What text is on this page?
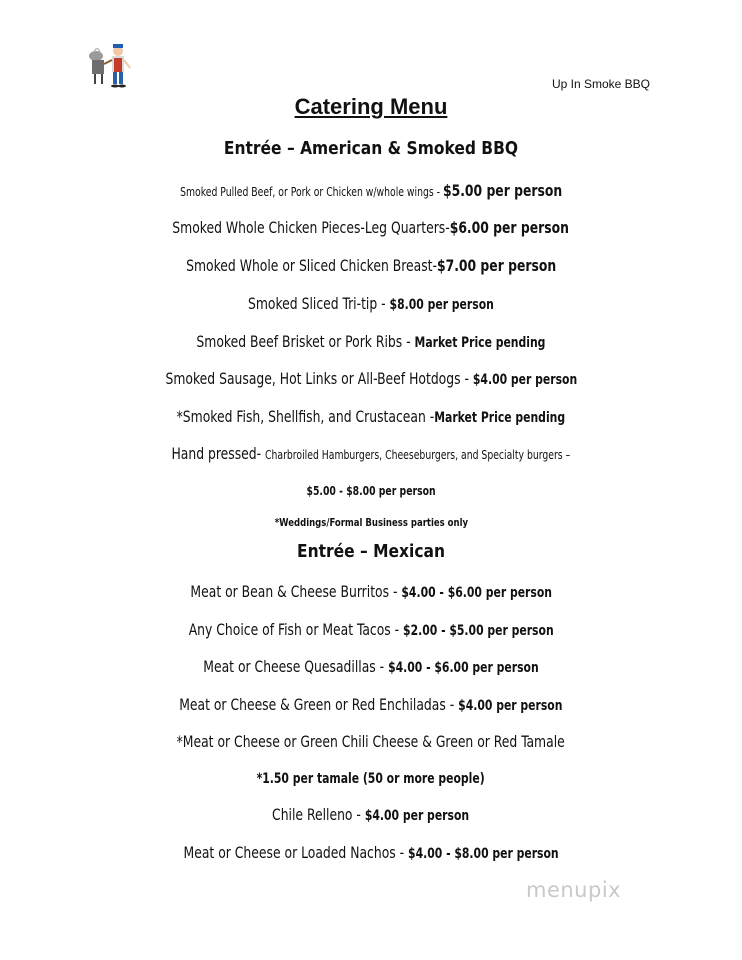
Up In Smoke BBQ
Catering Menu
Entrée – American & Smoked BBQ
Smoked Pulled Beef, or Pork or Chicken w/whole wings - $5.00 per person
Smoked Whole Chicken Pieces-Leg Quarters-$6.00 per person
Smoked Whole or Sliced Chicken Breast-$7.00 per person
Smoked Sliced Tri-tip - $8.00 per person
Smoked Beef Brisket or Pork Ribs - Market Price pending
Smoked Sausage, Hot Links or All-Beef Hotdogs - $4.00 per person
*Smoked Fish, Shellfish, and Crustacean -Market Price pending
Hand pressed- Charbroiled Hamburgers, Cheeseburgers, and Specialty burgers –
$5.00 - $8.00 per person
*Weddings/Formal Business parties only
Entrée – Mexican
Meat or Bean & Cheese Burritos - $4.00 - $6.00 per person
Any Choice of Fish or Meat Tacos - $2.00 - $5.00 per person
Meat or Cheese Quesadillas - $4.00 - $6.00 per person
Meat or Cheese & Green or Red Enchiladas - $4.00 per person
*Meat or Cheese or Green Chili Cheese & Green or Red Tamale
*1.50 per tamale (50 or more people)
Chile Relleno - $4.00 per person
Meat or Cheese or Loaded Nachos - $4.00 - $8.00 per person
menupix
